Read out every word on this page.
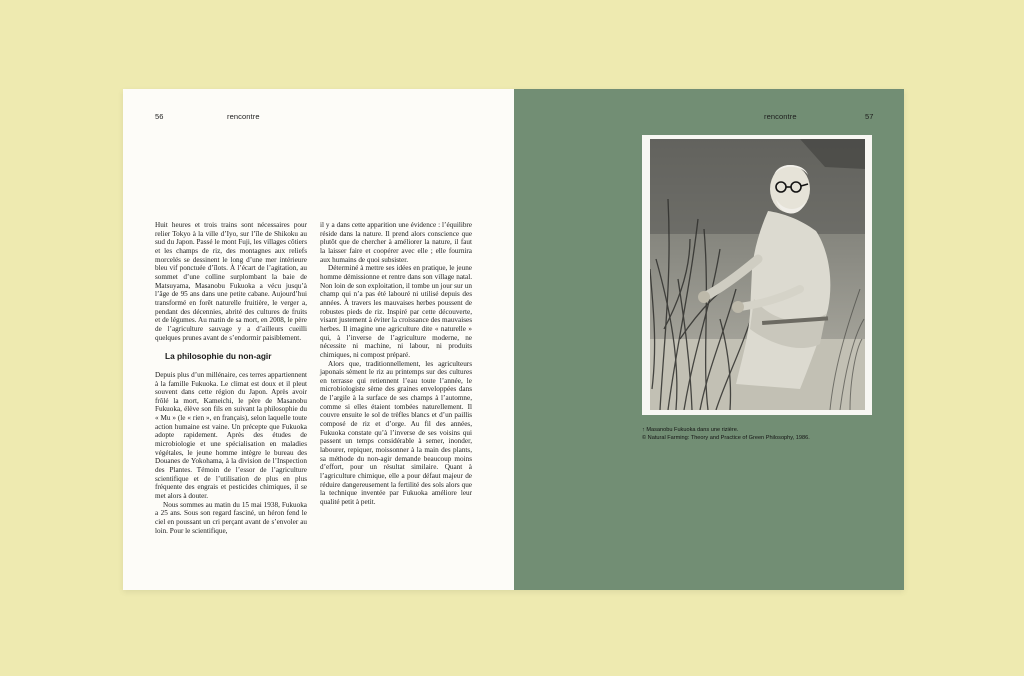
56	rencontre

Huit heures et trois trains sont nécessaires pour relier Tokyo à la ville d’Iyo, sur l’île de Shikoku au sud du Japon. Passé le mont Fuji, les villages côtiers et les champs de riz, des montagnes aux reliefs morcelés se dessinent le long d’une mer intérieure bleu vif ponctuée d’îlots. À l’écart de l’agitation, au sommet d’une colline surplombant la baie de Matsuyama, Masanobu Fukuoka a vécu jusqu’à l’âge de 95 ans dans une petite cabane. Aujourd’hui transformé en forêt naturelle fruitière, le verger a, pendant des décennies, abrité des cultures de fruits et de légumes. Au matin de sa mort, en 2008, le père de l’agriculture sauvage y a d’ailleurs cueilli quelques prunes avant de s’endormir paisiblement.

La philosophie du non-agir

Depuis plus d’un millénaire, ces terres appartiennent à la famille Fukuoka. Le climat est doux et il pleut souvent dans cette région du Japon. Après avoir frôlé la mort, Kameichi, le père de Masanobu Fukuoka, élève son fils en suivant la philosophie du « Mu » (le « rien », en français), selon laquelle toute action humaine est vaine. Un précepte que Fukuoka adopte rapidement. Après des études de microbiologie et une spécialisation en maladies végétales, le jeune homme intègre le bureau des Douanes de Yokohama, à la division de l’Inspection des Plantes. Témoin de l’essor de l’agriculture scientifique et de l’utilisation de plus en plus fréquente des engrais et pesticides chimiques, il se met alors à douter.

Nous sommes au matin du 15 mai 1938, Fukuoka a 25 ans. Sous son regard fasciné, un héron fend le ciel en poussant un cri perçant avant de s’envoler au loin. Pour le scientifique,

il y a dans cette apparition une évidence : l’équilibre réside dans la nature. Il prend alors conscience que plutôt que de chercher à améliorer la nature, il faut la laisser faire et coopérer avec elle ; elle fournira aux humains de quoi subsister.

Déterminé à mettre ses idées en pratique, le jeune homme démissionne et rentre dans son village natal. Non loin de son exploitation, il tombe un jour sur un champ qui n’a pas été labouré ni utilisé depuis des années. À travers les mauvaises herbes poussent de robustes pieds de riz. Inspiré par cette découverte, visant justement à éviter la croissance des mauvaises herbes. Il imagine une agriculture dite « naturelle » qui, à l’inverse de l’agriculture moderne, ne nécessite ni machine, ni labour, ni produits chimiques, ni compost préparé.

Alors que, traditionnellement, les agriculteurs japonais sèment le riz au printemps sur des cultures en terrasse qui retiennent l’eau toute l’année, le microbiologiste sème des graines enveloppées dans de l’argile à la surface de ses champs à l’automne, comme si elles étaient tombées naturellement. Il couvre ensuite le sol de trèfles blancs et d’un paillis composé de riz et d’orge. Au fil des années, Fukuoka constate qu’à l’inverse de ses voisins qui passent un temps considérable à semer, inonder, labourer, repiquer, moissonner à la main des plants, sa méthode du non-agir demande beaucoup moins d’effort, pour un résultat similaire. Quant à l’agriculture chimique, elle a pour défaut majeur de réduire dangereusement la fertilité des sols alors que la technique inventée par Fukuoka améliore leur qualité petit à petit.

rencontre	57
↑ Masanobu Fukuoka dans une rizière.
© Natural Farming: Theory and Practice of Green Philosophy, 1986.
